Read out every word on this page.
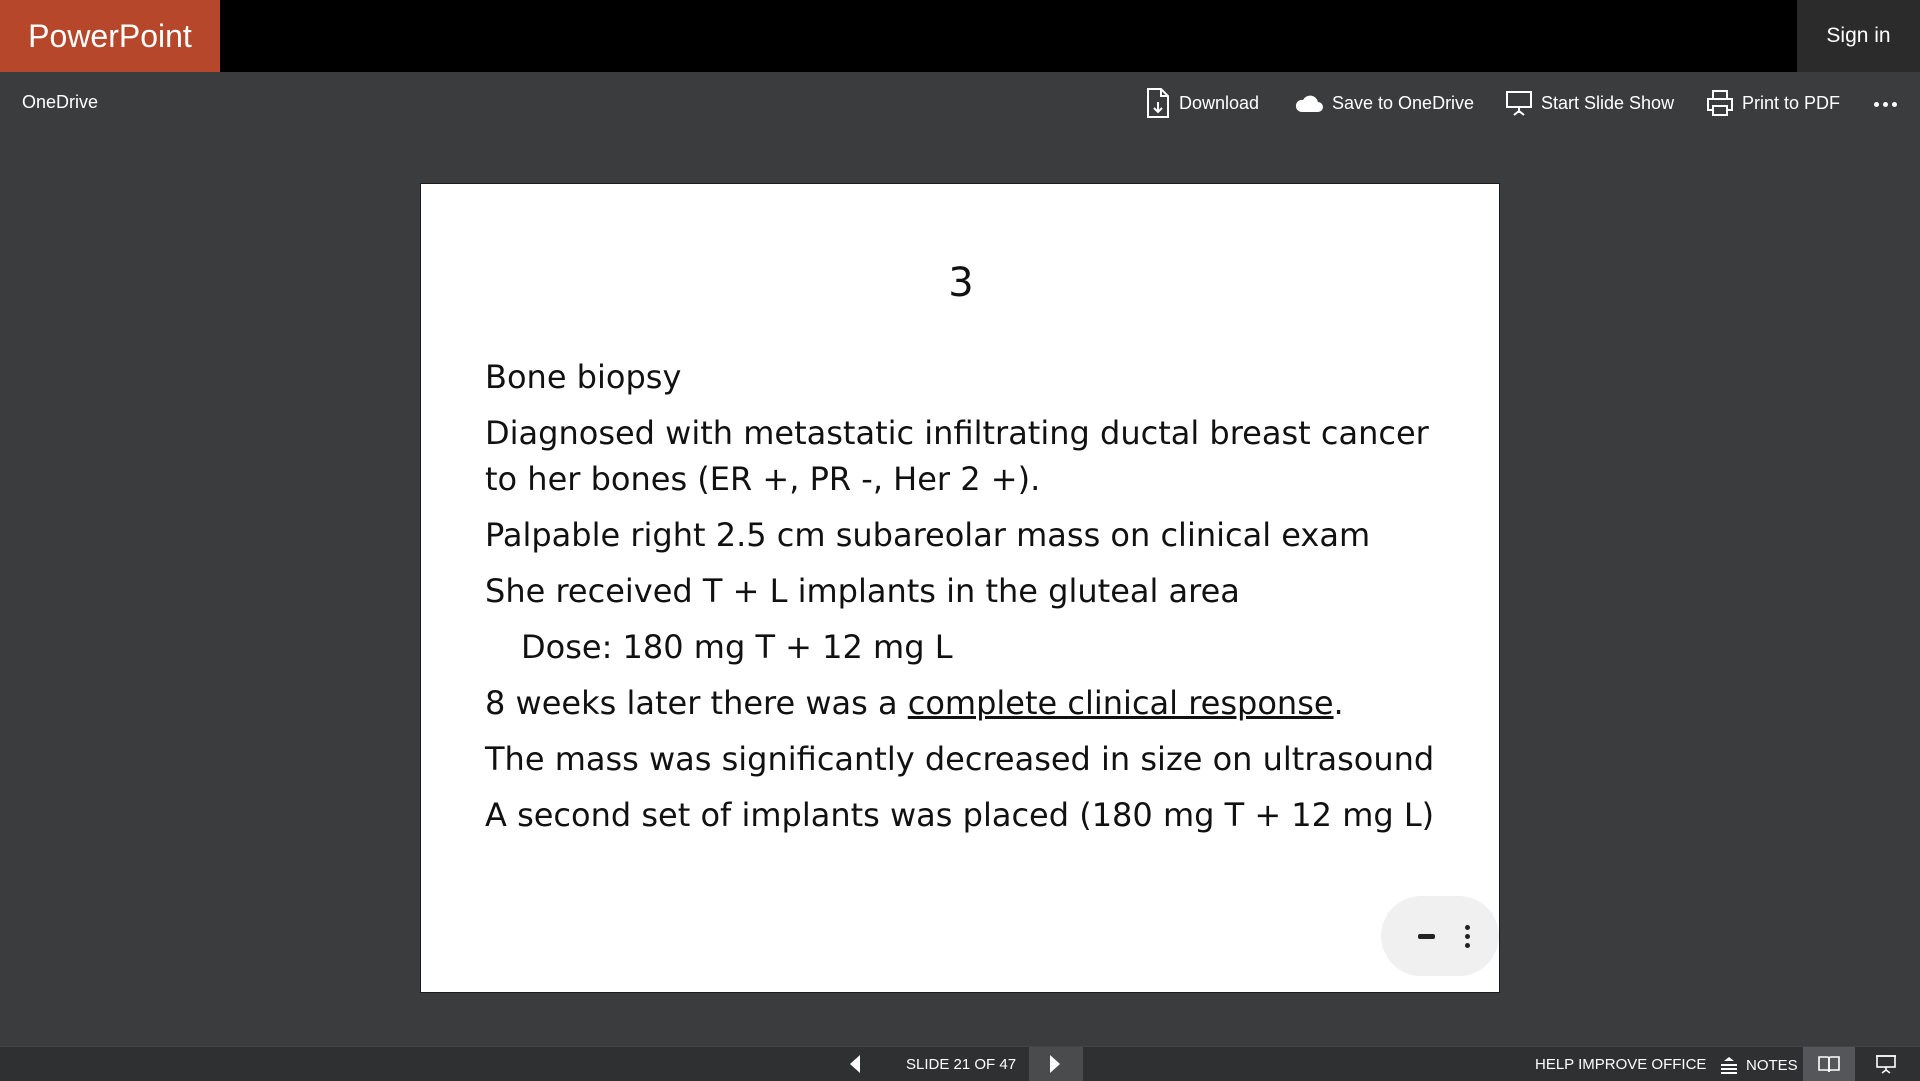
PowerPoint	Sign in
OneDrive	Download	Save to OneDrive	Start Slide Show	Print to PDF
3
Bone biopsy
Diagnosed with metastatic infiltrating ductal breast cancer to her bones (ER +, PR -, Her 2 +).
Palpable right 2.5 cm subareolar mass on clinical exam
She received T + L implants in the gluteal area
Dose: 180 mg T + 12 mg L
8 weeks later there was a complete clinical response.
The mass was significantly decreased in size on ultrasound
A second set of implants was placed (180 mg T + 12 mg L)
SLIDE 21 OF 47	HELP IMPROVE OFFICE	NOTES
